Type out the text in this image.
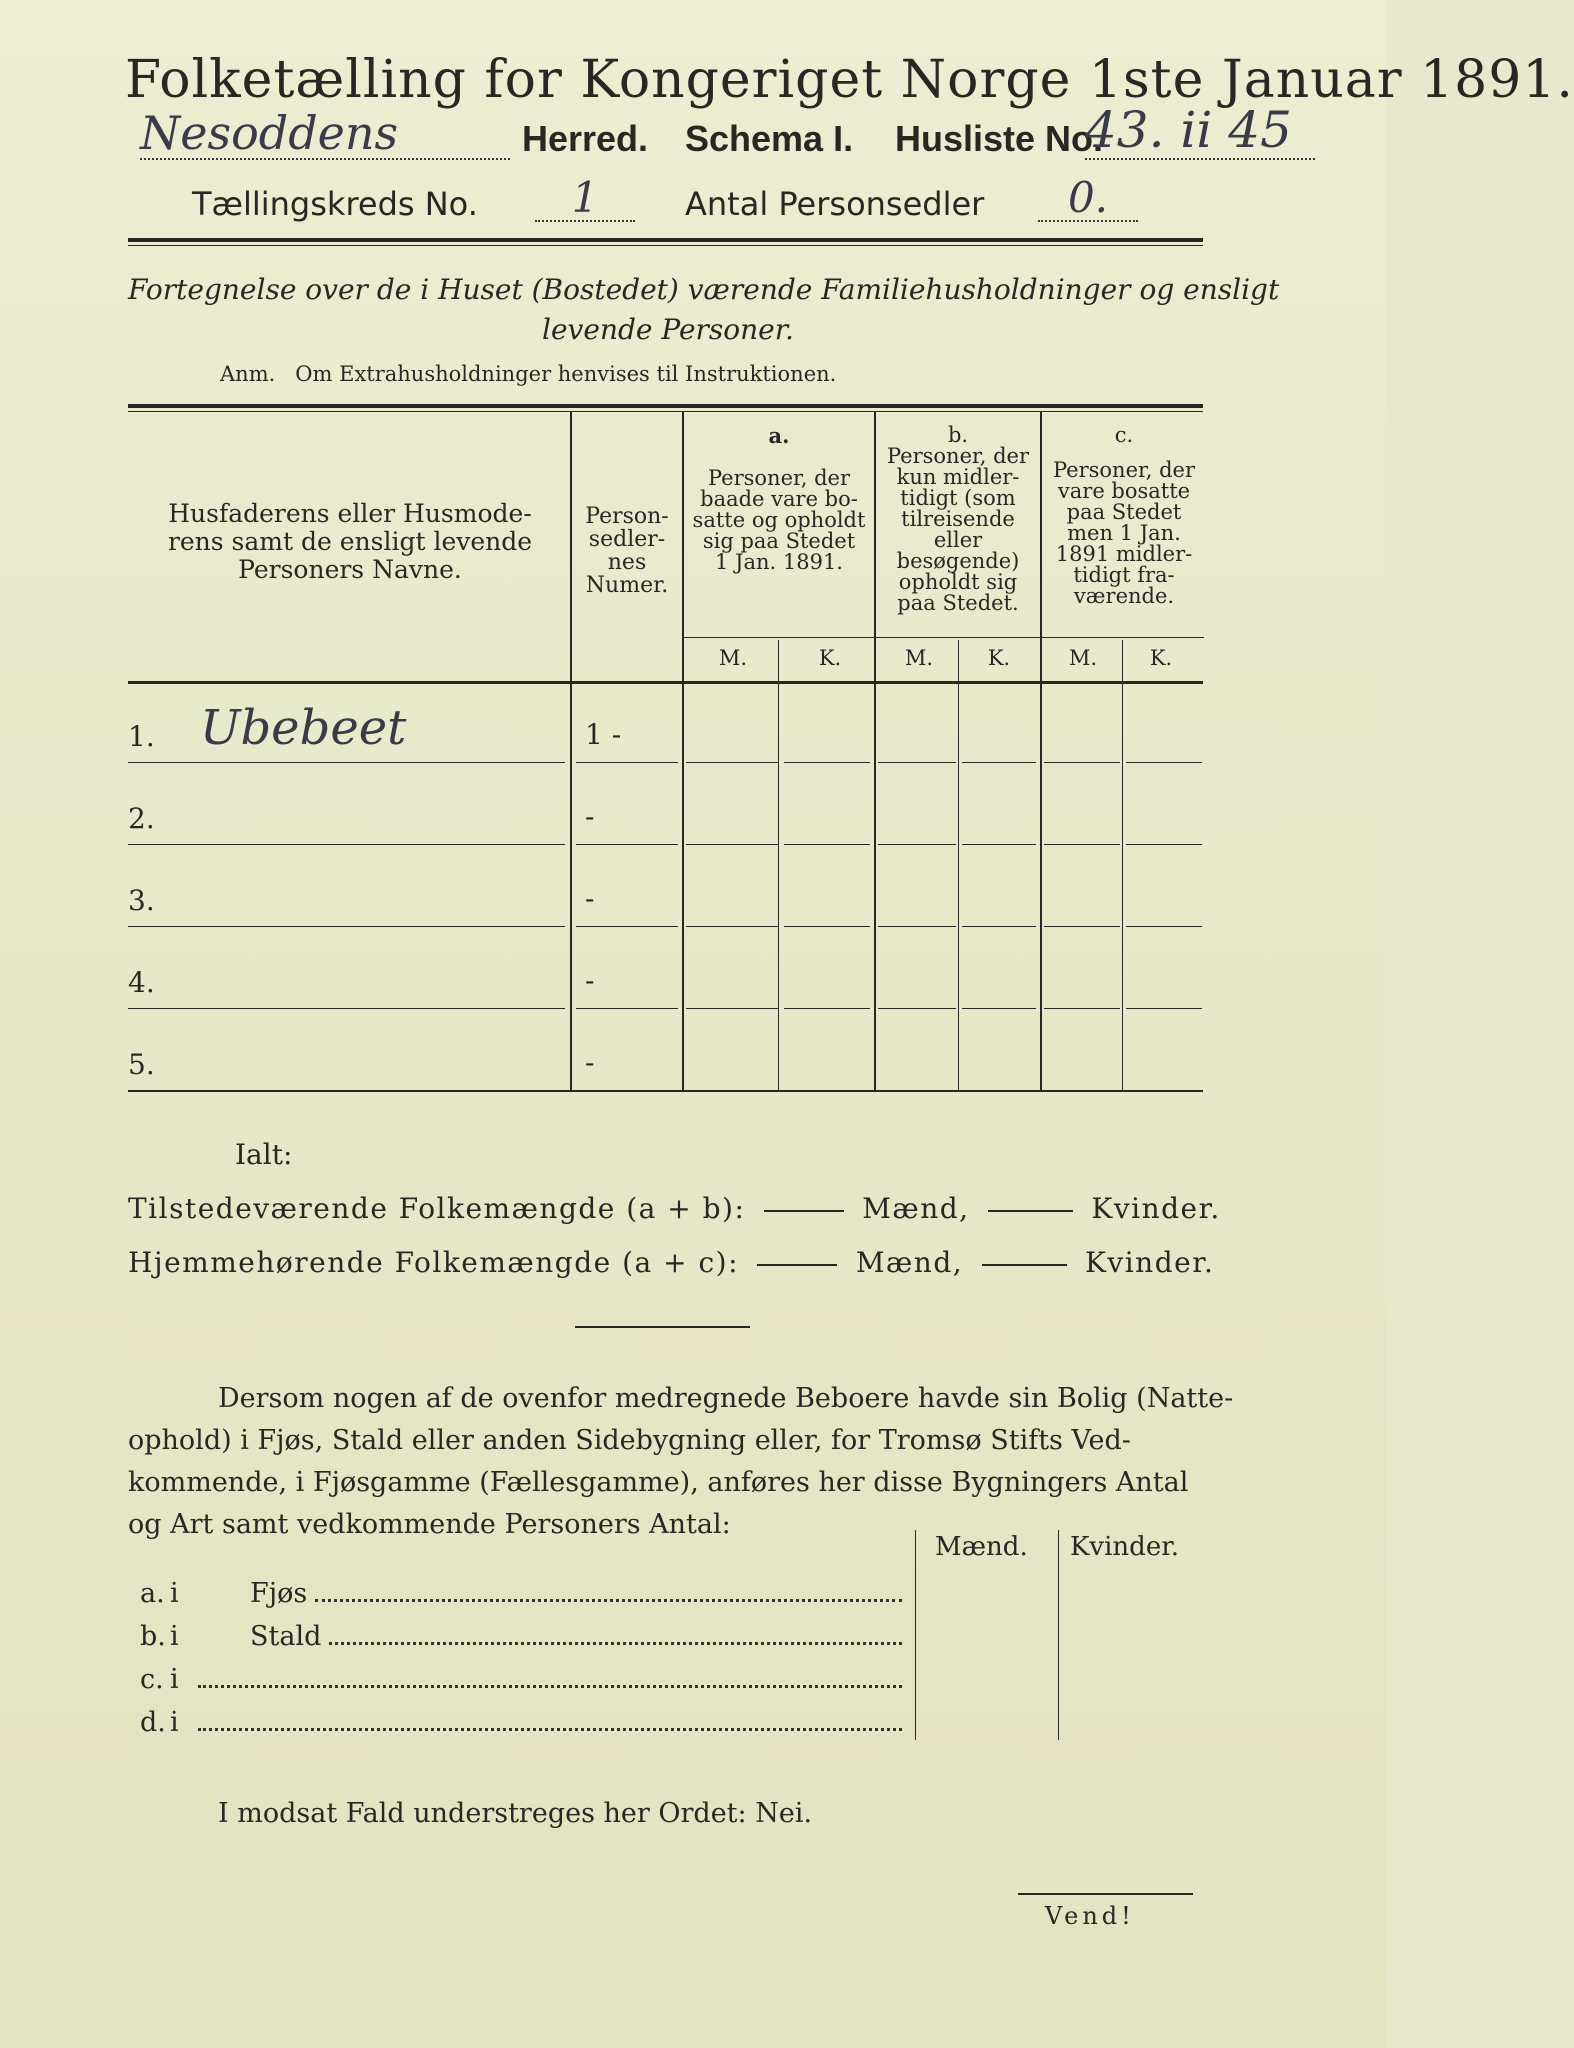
Folketælling for Kongeriget Norge 1ste Januar 1891.
Nesoddens	Herred. Schema I. Husliste No.
43. ii 45
Tællingskreds No.	1	Antal Personsedler	0.
Fortegnelse over de i Huset (Bostedet) værende Familiehusholdninger og ensligt
levende Personer.
Anm.   Om Extrahusholdninger henvises til Instruktionen.
Husfaderens eller Husmode-
rens samt de ensligt levende
Personers Navne.
Person-
sedler-
nes
Numer.
a.
Personer, der
baade vare bo-
satte og opholdt
sig paa Stedet
1 Jan. 1891.
b.
Personer, der
kun midler-
tidigt (som
tilreisende
eller
besøgende)
opholdt sig
paa Stedet.
c.
Personer, der
vare bosatte
paa Stedet
men 1 Jan.
1891 midler-
tidigt fra-
værende.
M.	K.	M.	K.	M.	K.
1. Ubebeet	1 -
2.	-
3.	-
4.	-
5.	-
Ialt:
Tilstedeværende Folkemængde (a + b):	Mænd,	Kvinder.
Hjemmehørende Folkemængde (a + c):	Mænd,	Kvinder.
Dersom nogen af de ovenfor medregnede Beboere havde sin Bolig (Natte-
ophold) i Fjøs, Stald eller anden Sidebygning eller, for Tromsø Stifts Ved-
kommende, i Fjøsgamme (Fællesgamme), anføres her disse Bygningers Antal
og Art samt vedkommende Personers Antal:
Mænd. Kvinder.
a. i	Fjøs
b. i	Stald
c. i
d. i
I modsat Fald understreges her Ordet: Nei.
Vend!
